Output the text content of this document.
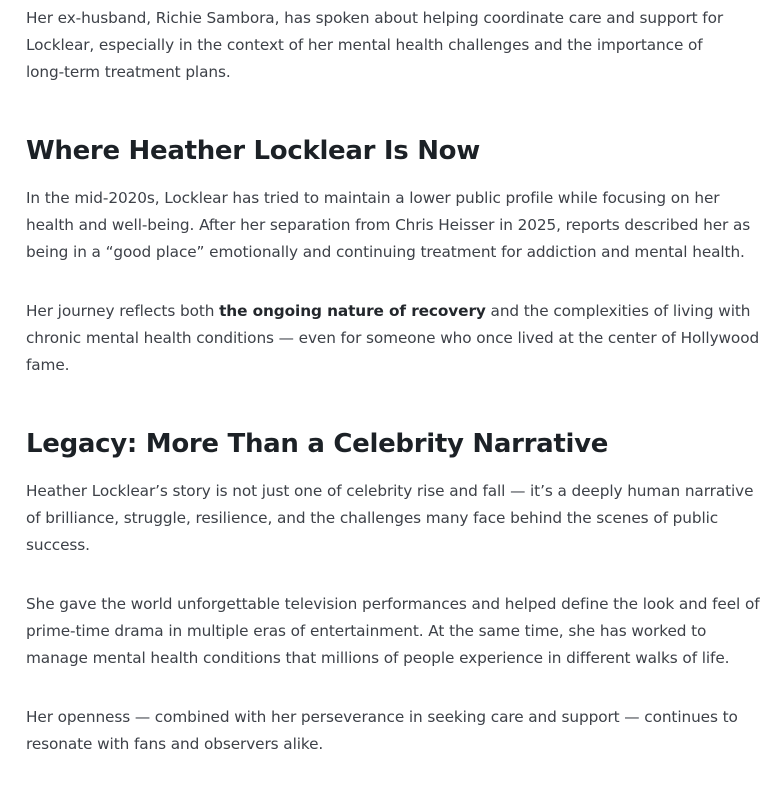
Her ex-husband, Richie Sambora, has spoken about helping coordinate care and support for Locklear, especially in the context of her mental health challenges and the importance of long-term treatment plans.

Where Heather Locklear Is Now

In the mid-2020s, Locklear has tried to maintain a lower public profile while focusing on her health and well-being. After her separation from Chris Heisser in 2025, reports described her as being in a “good place” emotionally and continuing treatment for addiction and mental health.

Her journey reflects both the ongoing nature of recovery and the complexities of living with chronic mental health conditions — even for someone who once lived at the center of Hollywood fame.

Legacy: More Than a Celebrity Narrative

Heather Locklear’s story is not just one of celebrity rise and fall — it’s a deeply human narrative of brilliance, struggle, resilience, and the challenges many face behind the scenes of public success.

She gave the world unforgettable television performances and helped define the look and feel of prime-time drama in multiple eras of entertainment. At the same time, she has worked to manage mental health conditions that millions of people experience in different walks of life.

Her openness — combined with her perseverance in seeking care and support — continues to resonate with fans and observers alike.
